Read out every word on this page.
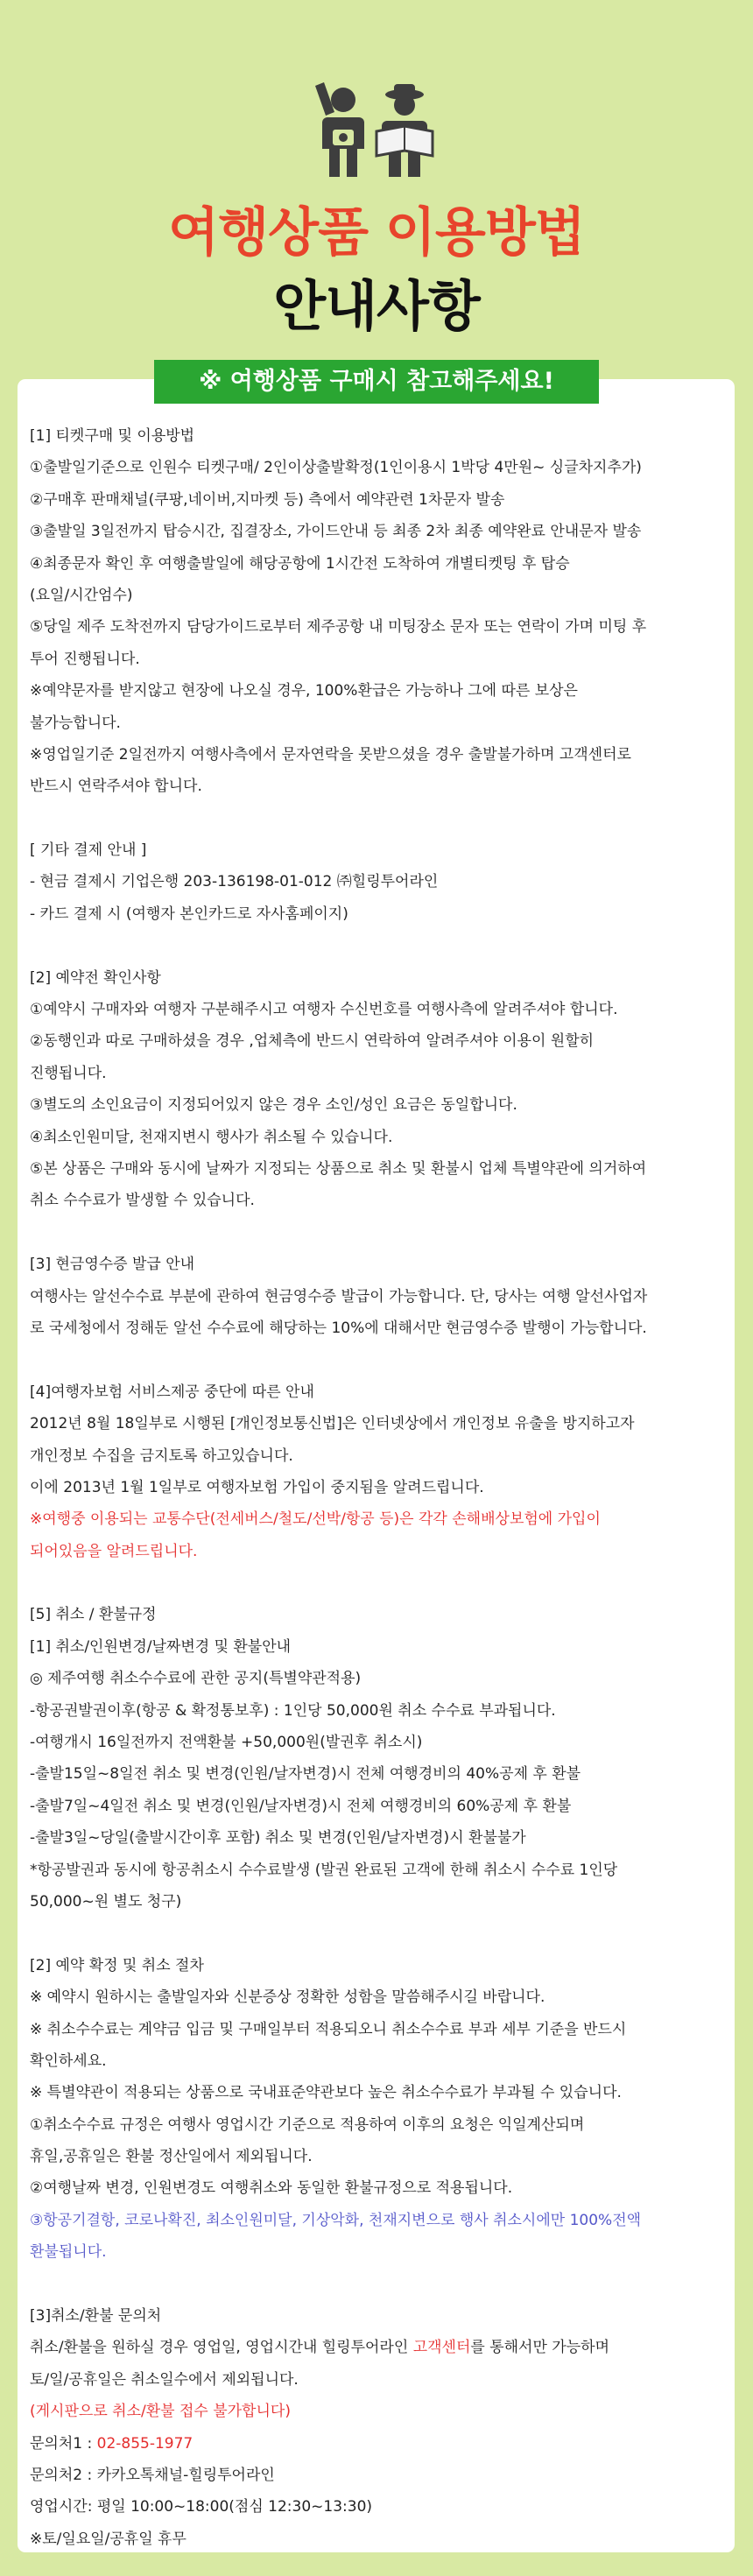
여행상품 이용방법
안내사항
※ 여행상품 구매시 참고해주세요!
[1] 티켓구매 및 이용방법
①출발일기준으로 인원수 티켓구매/ 2인이상출발확정(1인이용시 1박당 4만원~ 싱글차지추가)
②구매후 판매채널(쿠팡,네이버,지마켓 등) 측에서 예약관련 1차문자 발송
③출발일 3일전까지 탑승시간, 집결장소, 가이드안내 등 최종 2차 최종 예약완료 안내문자 발송
④최종문자 확인 후 여행출발일에 해당공항에 1시간전 도착하여 개별티켓팅 후 탑승
(요일/시간엄수)
⑤당일 제주 도착전까지 담당가이드로부터 제주공항 내 미팅장소 문자 또는 연락이 가며 미팅 후
투어 진행됩니다.
※예약문자를 받지않고 현장에 나오실 경우, 100%환급은 가능하나 그에 따른 보상은
불가능합니다.
※영업일기준 2일전까지 여행사측에서 문자연락을 못받으셨을 경우 출발불가하며 고객센터로
반드시 연락주셔야 합니다.
[ 기타 결제 안내 ]
- 현금 결제시 기업은행 203-136198-01-012 ㈜힐링투어라인
- 카드 결제 시 (여행자 본인카드로 자사홈페이지)
[2] 예약전 확인사항
①예약시 구매자와 여행자 구분해주시고 여행자 수신번호를 여행사측에 알려주셔야 합니다.
②동행인과 따로 구매하셨을 경우 ,업체측에 반드시 연락하여 알려주셔야 이용이 원할히
진행됩니다.
③별도의 소인요금이 지정되어있지 않은 경우 소인/성인 요금은 동일합니다.
④최소인원미달, 천재지변시 행사가 취소될 수 있습니다.
⑤본 상품은 구매와 동시에 날짜가 지정되는 상품으로 취소 및 환불시 업체 특별약관에 의거하여
취소 수수료가 발생할 수 있습니다.
[3] 현금영수증 발급 안내
여행사는 알선수수료 부분에 관하여 현금영수증 발급이 가능합니다. 단, 당사는 여행 알선사업자
로 국세청에서 정해둔 알선 수수료에 해당하는 10%에 대해서만 현금영수증 발행이 가능합니다.
[4]여행자보험 서비스제공 중단에 따른 안내
2012년 8월 18일부로 시행된 [개인정보통신법]은 인터넷상에서 개인정보 유출을 방지하고자
개인정보 수집을 금지토록 하고있습니다.
이에 2013년 1월 1일부로 여행자보험 가입이 중지됨을 알려드립니다.
※여행중 이용되는 교통수단(전세버스/철도/선박/항공 등)은 각각 손해배상보험에 가입이
되어있음을 알려드립니다.
[5] 취소 / 환불규정
[1] 취소/인원변경/날짜변경 및 환불안내
◎ 제주여행 취소수수료에 관한 공지(특별약관적용)
-항공권발권이후(항공 & 확정통보후) : 1인당 50,000원 취소 수수료 부과됩니다.
-여행개시 16일전까지 전액환불 +50,000원(발권후 취소시)
-출발15일~8일전 취소 및 변경(인원/날자변경)시 전체 여행경비의 40%공제 후 환불
-출발7일~4일전 취소 및 변경(인원/날자변경)시 전체 여행경비의 60%공제 후 환불
-출발3일~당일(출발시간이후 포함) 취소 및 변경(인원/날자변경)시 환불불가
*항공발권과 동시에 항공취소시 수수료발생 (발권 완료된 고객에 한해 취소시 수수료 1인당
50,000~원 별도 청구)
[2] 예약 확정 및 취소 절차
※ 예약시 원하시는 출발일자와 신분증상 정확한 성함을 말씀해주시길 바랍니다.
※ 취소수수료는 계약금 입금 및 구매일부터 적용되오니 취소수수료 부과 세부 기준을 반드시
확인하세요.
※ 특별약관이 적용되는 상품으로 국내표준약관보다 높은 취소수수료가 부과될 수 있습니다.
①취소수수료 규정은 여행사 영업시간 기준으로 적용하여 이후의 요청은 익일계산되며
휴일,공휴일은 환불 정산일에서 제외됩니다.
②여행날짜 변경, 인원변경도 여행취소와 동일한 환불규정으로 적용됩니다.
③항공기결항, 코로나확진, 최소인원미달, 기상악화, 천재지변으로 행사 취소시에만 100%전액
환불됩니다.
[3]취소/환불 문의처
취소/환불을 원하실 경우 영업일, 영업시간내 힐링투어라인 고객센터를 통해서만 가능하며
토/일/공휴일은 취소일수에서 제외됩니다.
(게시판으로 취소/환불 접수 불가합니다)
문의처1 : 02-855-1977
문의처2 : 카카오톡채널-힐링투어라인
영업시간: 평일 10:00~18:00(점심 12:30~13:30)
※토/일요일/공휴일 휴무
